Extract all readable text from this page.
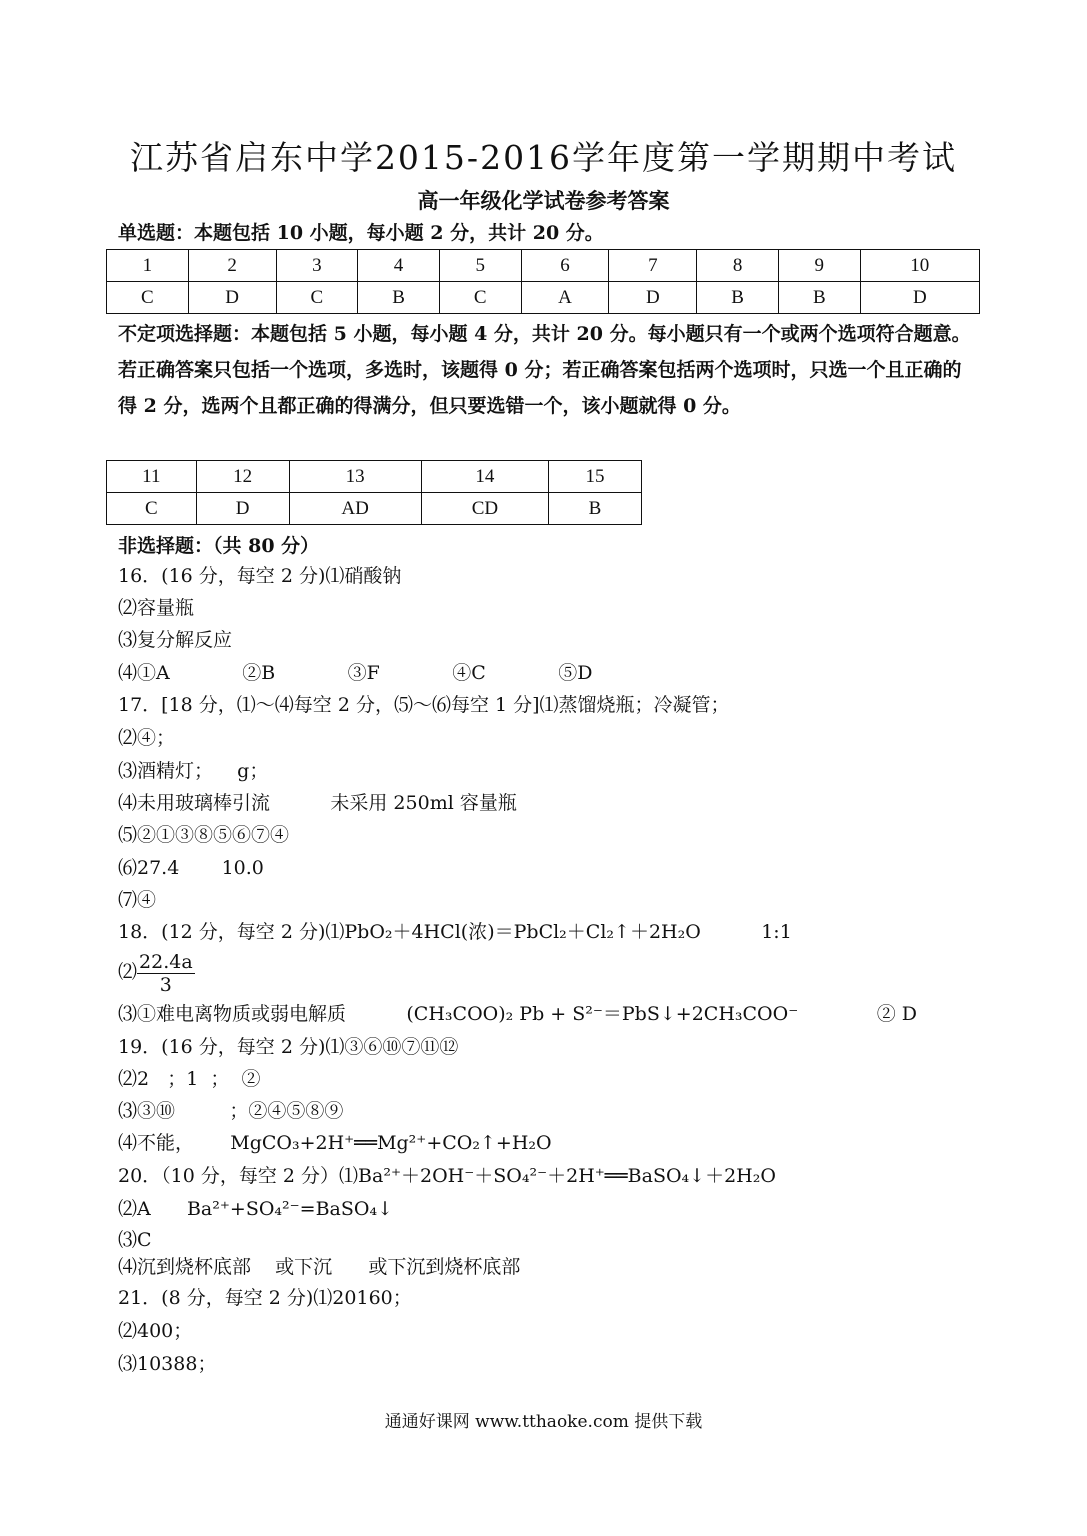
江苏省启东中学2015-2016学年度第一学期期中考试
高一年级化学试卷参考答案
单选题：本题包括 10 小题，每小题 2 分，共计 20 分。
1	2	3	4	5	6	7	8	9	10
C	D	C	B	C	A	D	B	B	D
不定项选择题：本题包括 5 小题，每小题 4 分，共计 20 分。每小题只有一个或两个选项符合题意。若正确答案只包括一个选项，多选时，该题得 0 分；若正确答案包括两个选项时，只选一个且正确的得 2 分，选两个且都正确的得满分，但只要选错一个，该小题就得 0 分。
11	12	13	14	15
C	D	AD	CD	B
非选择题：（共 80 分）
16．(16 分，每空 2 分)⑴硝酸钠
⑵容量瓶
⑶复分解反应
⑷①A            ②B            ③F            ④C            ⑤D
17．[18 分，⑴～⑷每空 2 分，⑸～⑹每空 1 分]⑴蒸馏烧瓶；冷凝管；
⑵④；
⑶酒精灯；    g；
⑷未用玻璃棒引流          未采用 250ml 容量瓶
⑸②①③⑧⑤⑥⑦④
⑹27.4       10.0
⑺④
18．(12 分，每空 2 分)⑴PbO₂＋4HCl(浓)＝PbCl₂＋Cl₂↑＋2H₂O          1:1
⑵ $\frac{22.4a}{3}$
⑶①难电离物质或弱电解质          (CH₃COO)₂ Pb + S²⁻＝PbS↓+2CH₃COO⁻             ② D
19．(16 分，每空 2 分)⑴③⑥⑩⑦⑪⑫
⑵2   ；1  ；  ②
⑶③⑩         ；②④⑤⑧⑨
⑷不能，      MgCO₃+2H⁺══Mg²⁺+CO₂↑+H₂O
20．（10 分，每空 2 分）⑴Ba²⁺＋2OH⁻＋SO₄²⁻＋2H⁺══BaSO₄↓＋2H₂O
⑵A      Ba²⁺+SO₄²⁻=BaSO₄↓
⑶C
⑷沉到烧杯底部    或下沉      或下沉到烧杯底部
21．(8 分，每空 2 分)⑴20160；
⑵400；
⑶10388；
通通好课网 www.tthaoke.com 提供下载
